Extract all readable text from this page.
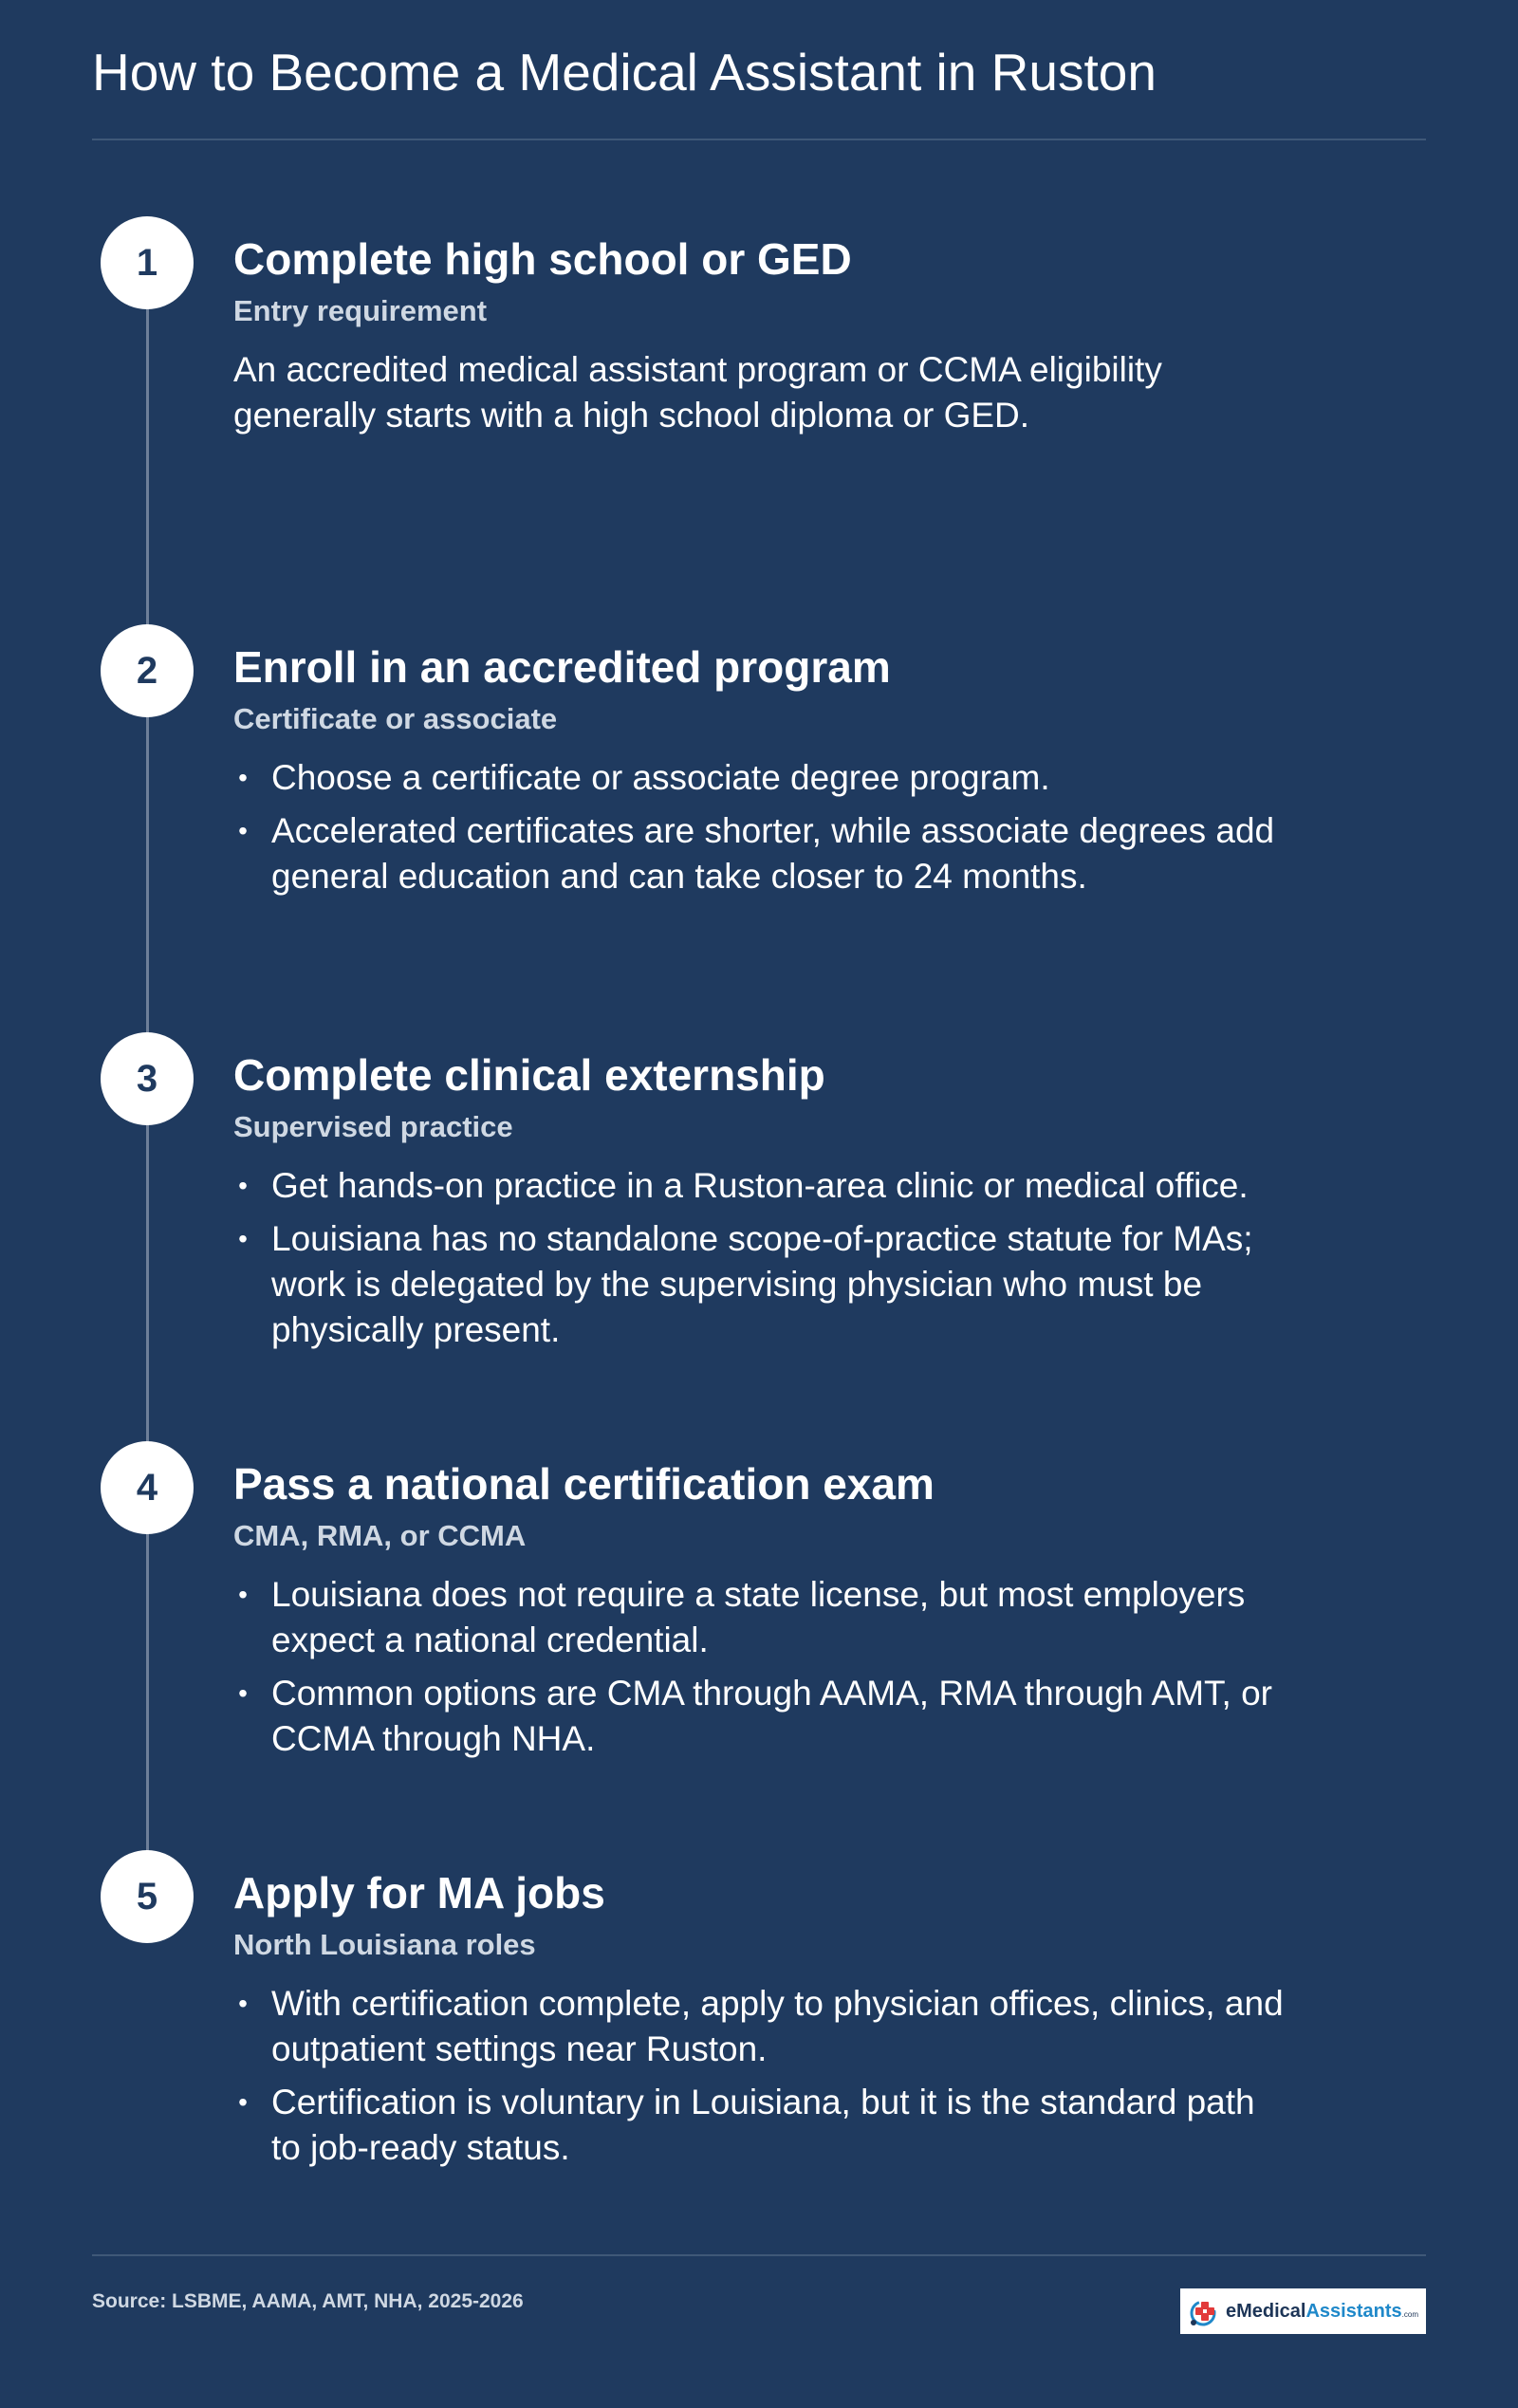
How to Become a Medical Assistant in Ruston
1	Complete high school or GED
Entry requirement
An accredited medical assistant program or CCMA eligibility generally starts with a high school diploma or GED.
2	Enroll in an accredited program
Certificate or associate
• Choose a certificate or associate degree program.
• Accelerated certificates are shorter, while associate degrees add general education and can take closer to 24 months.
3	Complete clinical externship
Supervised practice
• Get hands-on practice in a Ruston-area clinic or medical office.
• Louisiana has no standalone scope-of-practice statute for MAs; work is delegated by the supervising physician who must be physically present.
4	Pass a national certification exam
CMA, RMA, or CCMA
• Louisiana does not require a state license, but most employers expect a national credential.
• Common options are CMA through AAMA, RMA through AMT, or CCMA through NHA.
5	Apply for MA jobs
North Louisiana roles
• With certification complete, apply to physician offices, clinics, and outpatient settings near Ruston.
• Certification is voluntary in Louisiana, but it is the standard path to job-ready status.
Source: LSBME, AAMA, AMT, NHA, 2025-2026	eMedicalAssistants.com
